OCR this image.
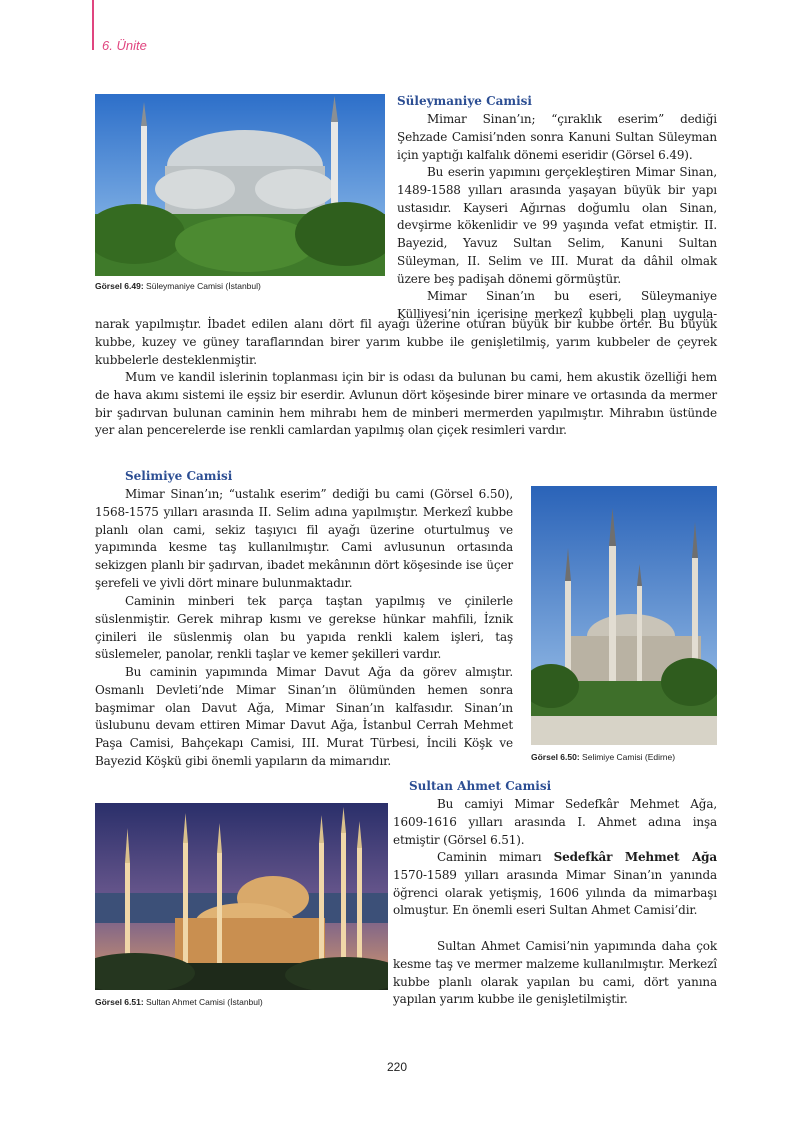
6. Ünite
Görsel 6.49: Süleymaniye Camisi (İstanbul)
Süleymaniye Camisi

Mimar Sinan’ın; “çıraklık eserim” dediği Şehzade Camisi’nden sonra Kanuni Sultan Süleyman için yaptığı kalfalık dönemi eseridir (Görsel 6.49).

Bu eserin yapımını gerçekleştiren Mimar Sinan, 1489-1588 yılları arasında yaşayan büyük bir yapı ustasıdır. Kayseri Ağırnas doğumlu olan Sinan, devşirme kökenlidir ve 99 yaşında vefat etmiştir. II. Bayezid, Yavuz Sultan Selim, Kanuni Sultan Süleyman, II. Selim ve III. Murat da dâhil olmak üzere beş padişah dönemi görmüştür.

Mimar Sinan’ın bu eseri, Süleymaniye Külliyesi’nin içerisine merkezî kubbeli plan uygula-

narak yapılmıştır. İbadet edilen alanı dört fil ayağı üzerine oturan büyük bir kubbe örter. Bu büyük kubbe, kuzey ve güney taraflarından birer yarım kubbe ile genişletilmiş, yarım kubbeler de çeyrek kubbelerle desteklenmiştir.

Mum ve kandil islerinin toplanması için bir is odası da bulunan bu cami, hem akustik özelliği hem de hava akımı sistemi ile eşsiz bir eserdir. Avlunun dört köşesinde birer minare ve ortasında da mermer bir şadırvan bulunan caminin hem mihrabı hem de minberi mermerden yapılmıştır. Mihrabın üstünde yer alan pencerelerde ise renkli camlardan yapılmış olan çiçek resimleri vardır.

Selimiye Camisi

Mimar Sinan’ın; “ustalık eserim” dediği bu cami (Görsel 6.50), 1568-1575 yılları arasında II. Selim adına yapılmıştır. Merkezî kubbe planlı olan cami, sekiz taşıyıcı fil ayağı üzerine oturtulmuş ve yapımında kesme taş kullanılmıştır. Cami avlusunun ortasında sekizgen planlı bir şadırvan, ibadet mekânının dört köşesinde ise üçer şerefeli ve yivli dört minare bulunmaktadır.

Caminin minberi tek parça taştan yapılmış ve çinilerle süslenmiştir. Gerek mihrap kısmı ve gerekse hünkar mahfili, İznik çinileri ile süslenmiş olan bu yapıda renkli kalem işleri, taş süslemeler, panolar, renkli taşlar ve kemer şekilleri vardır.

Bu caminin yapımında Mimar Davut Ağa da görev almıştır. Osmanlı Devleti’nde Mimar Sinan’ın ölümünden hemen sonra başmimar olan Davut Ağa, Mimar Sinan’ın kalfasıdır. Sinan’ın üslubunu devam ettiren Mimar Davut Ağa, İstanbul Cerrah Mehmet Paşa Camisi, Bahçekapı Camisi, III. Murat Türbesi, İncili Köşk ve Bayezid Köşkü gibi önemli yapıların da mimarıdır.	Görsel 6.50: Selimiye Camisi (Edirne)
Sultan Ahmet Camisi

Bu camiyi Mimar Sedefkâr Mehmet Ağa, 1609-1616 yılları arasında I. Ahmet adına inşa etmiştir (Görsel 6.51).

Caminin mimarı Sedefkâr Mehmet Ağa 1570-1589 yılları arasında Mimar Sinan’ın yanında öğrenci olarak yetişmiş, 1606 yılında da mimarbaşı olmuştur. En önemli eseri Sultan Ahmet Camisi’dir.

Sultan Ahmet Camisi’nin yapımında daha çok kesme taş ve mermer malzeme kullanılmıştır. Merkezî kubbe planlı olarak yapılan bu cami, dört yanına yapılan yarım kubbe ile genişletilmiştir.

Görsel 6.51: Sultan Ahmet Camisi (İstanbul)
220
